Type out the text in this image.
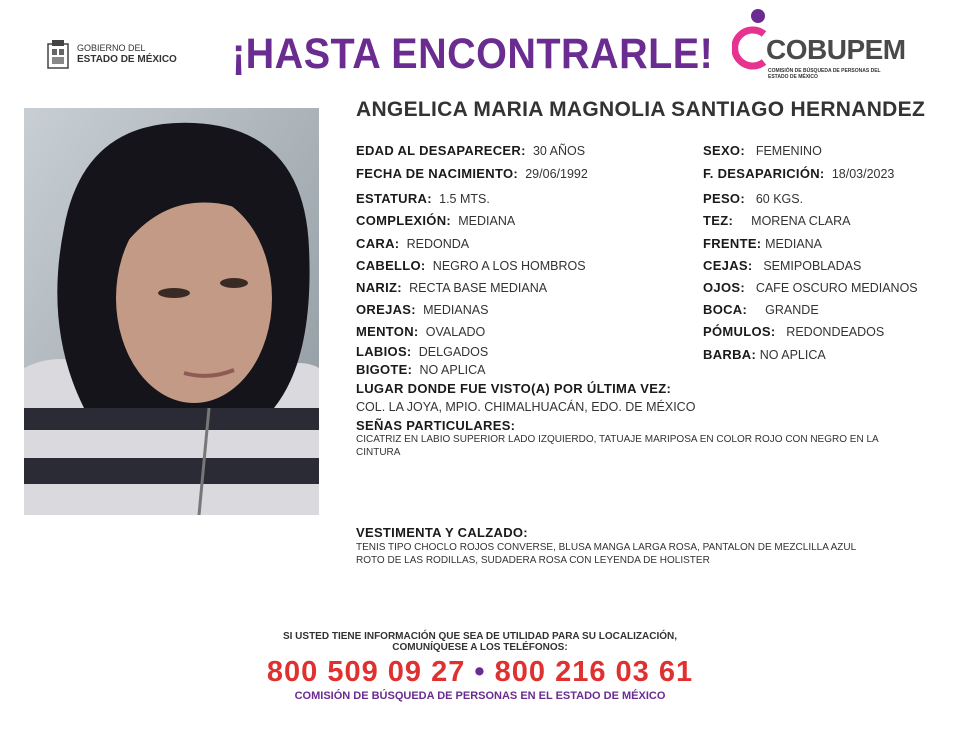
GOBIERNO DEL
ESTADO DE MÉXICO ¡HASTA ENCONTRARLE! COBUPEM
COMISIÓN DE BÚSQUEDA DE PERSONAS DEL ESTADO DE MÉXICO
ANGELICA MARIA MAGNOLIA SANTIAGO HERNANDEZ
EDAD AL DESAPARECER: 30 AÑOS
FECHA DE NACIMIENTO: 29/06/1992
ESTATURA: 1.5 MTS.
COMPLEXIÓN: MEDIANA
CARA: REDONDA
CABELLO: NEGRO A LOS HOMBROS
NARIZ: RECTA BASE MEDIANA
OREJAS: MEDIANAS
MENTON: OVALADO
LABIOS: DELGADOS
BIGOTE: NO APLICA
SEXO: FEMENINO
F. DESAPARICIÓN: 18/03/2023
PESO: 60 KGS.
TEZ: MORENA CLARA
FRENTE: MEDIANA
CEJAS: SEMIPOBLADAS
OJOS: CAFE OSCURO MEDIANOS
BOCA: GRANDE
PÓMULOS: REDONDEADOS
BARBA: NO APLICA
LUGAR DONDE FUE VISTO(A) POR ÚLTIMA VEZ:
COL. LA JOYA, MPIO. CHIMALHUACÁN, EDO. DE MÉXICO
SEÑAS PARTICULARES:
CICATRIZ EN LABIO SUPERIOR LADO IZQUIERDO, TATUAJE MARIPOSA EN COLOR ROJO CON NEGRO EN LA
CINTURA
VESTIMENTA Y CALZADO:
TENIS TIPO CHOCLO ROJOS CONVERSE, BLUSA MANGA LARGA ROSA, PANTALON DE MEZCLILLA AZUL
ROTO DE LAS RODILLAS, SUDADERA ROSA CON LEYENDA DE HOLISTER
SI USTED TIENE INFORMACIÓN QUE SEA DE UTILIDAD PARA SU LOCALIZACIÓN,
COMUNÍQUESE A LOS TELÉFONOS:
800 509 09 27 • 800 216 03 61
COMISIÓN DE BÚSQUEDA DE PERSONAS EN EL ESTADO DE MÉXICO
